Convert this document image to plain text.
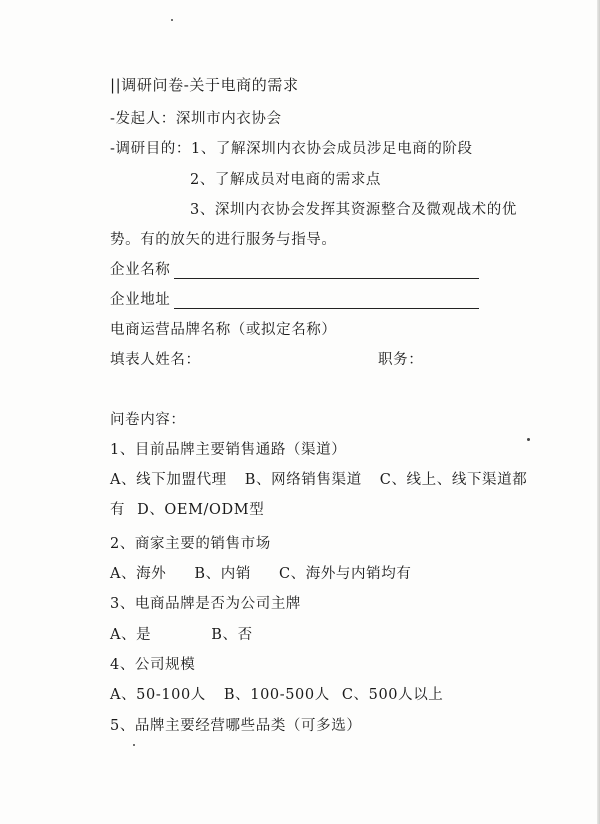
||调研问卷-关于电商的需求
-发起人：深圳市内衣协会
-调研目的：1、了解深圳内衣协会成员涉足电商的阶段
2、了解成员对电商的需求点
3、深圳内衣协会发挥其资源整合及微观战术的优
势。有的放矢的进行服务与指导。
企业名称
企业地址
电商运营品牌名称（或拟定名称）
填表人姓名：	职务：
问卷内容：
1、目前品牌主要销售通路（渠道）
A、线下加盟代理 B、网络销售渠道 C、线上、线下渠道都
有 D、OEM/ODM型
2、商家主要的销售市场
A、海外 B、内销 C、海外与内销均有
3、电商品牌是否为公司主牌
A、是	B、否
4、公司规模
A、50-100人 B、100-500人 C、500人以上
5、品牌主要经营哪些品类（可多选）
